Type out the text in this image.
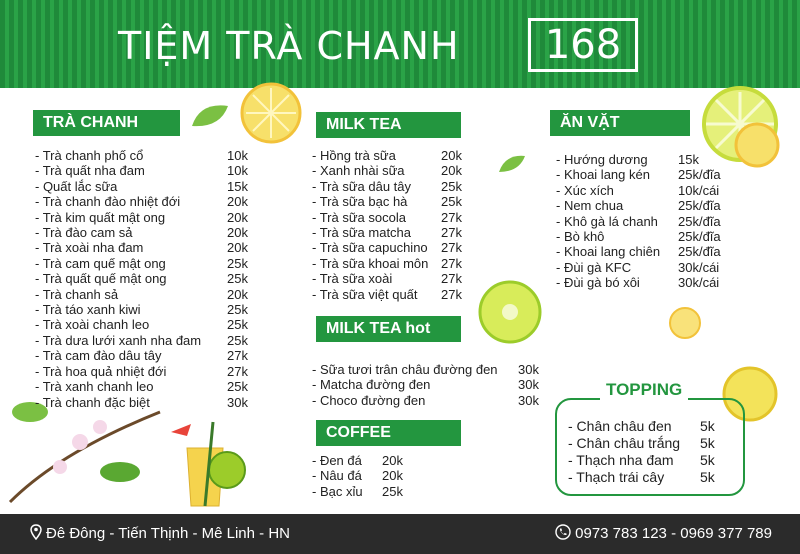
TIỆM TRÀ CHANH	168
TRÀ CHANH
- Trà chanh phố cổ	10k
- Trà quất nha đam	10k
- Quất lắc sữa	15k
- Trà chanh đào nhiệt đới	20k
- Trà kim quất mật ong	20k
- Trà đào cam sả	20k
- Trà xoài nha đam	20k
- Trà cam quế mật ong	25k
- Trà quất quế mật ong	25k
- Trà chanh sả	20k
- Trà táo xanh kiwi	25k
- Trà xoài chanh leo	25k
- Trà dưa lưới xanh nha đam 25k
- Trà cam đào dâu tây	27k
- Trà hoa quả nhiệt đới	27k
- Trà xanh chanh leo	25k
- Trà chanh đặc biệt	30k
MILK TEA
- Hồng trà sữa	20k
- Xanh nhài sữa	20k
- Trà sữa dâu tây 25k
- Trà sữa bạc hà	25k
- Trà sữa socola	27k
- Trà sữa matcha 27k
- Trà sữa capuchino 27k
- Trà sữa khoai môn 27k
- Trà sữa xoài	27k
- Trà sữa việt quất 27k
MILK TEA hot
- Sữa tươi trân châu đường đen 30k
- Matcha đường đen	30k
- Choco đường đen	30k
COFFEE
- Đen đá 20k
- Nâu đá 20k
- Bạc xỉu 25k
ĂN VẶT
- Hướng dương 15k
- Khoai lang kén 25k/đĩa
- Xúc xích	10k/cái
- Nem chua	25k/đĩa
- Khô gà lá chanh 25k/đĩa
- Bò khô	25k/đĩa
- Khoai lang chiên 25k/đĩa
- Đùi gà KFC	30k/cái
- Đùi gà bó xôi	30k/cái
TOPPING
- Chân châu đen 5k
- Chân châu trắng 5k
- Thạch nha đam 5k
- Thạch trái cây	5k
Đê Đông - Tiến Thịnh - Mê Linh - HN	0973 783 123 - 0969 377 789
